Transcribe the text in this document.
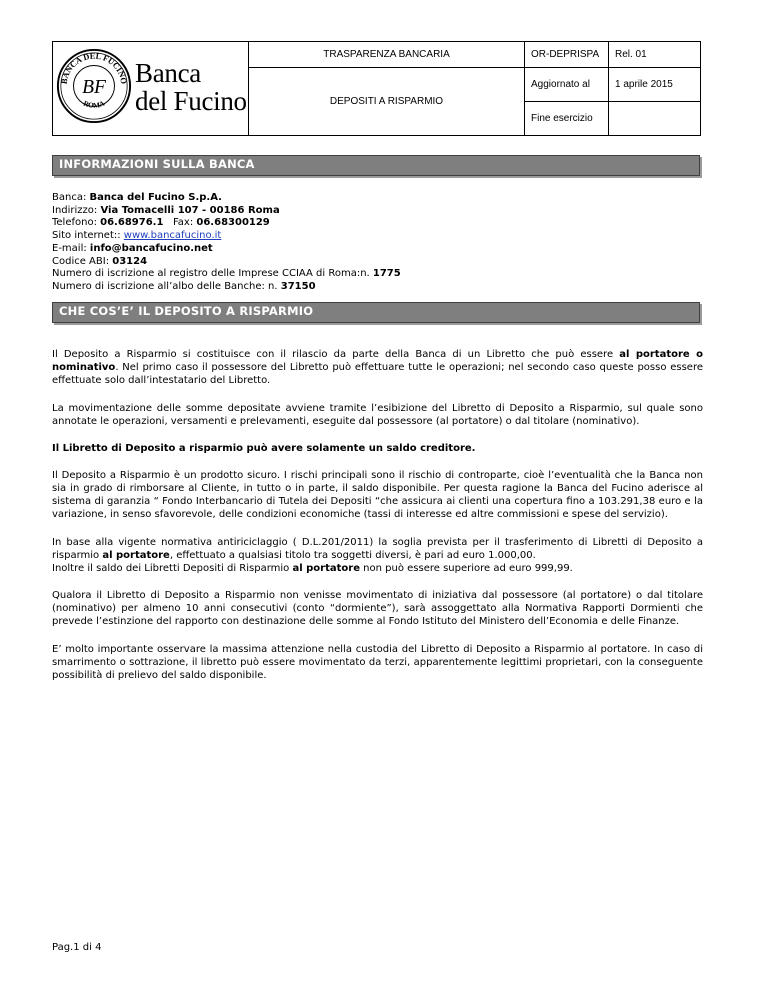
BANCA DEL FUCINO
ROMA
BF Banca
del Fucino	TRASPARENZA BANCARIA	OR-DEPRISPA	Rel. 01
	DEPOSITI A RISPARMIO	Aggiornato al	1 aprile 2015
		Fine esercizio	
INFORMAZIONI SULLA BANCA
Banca: Banca del Fucino S.p.A.
Indirizzo: Via Tomacelli 107 - 00186 Roma
Telefono: 06.68976.1 Fax: 06.68300129
Sito internet:: www.bancafucino.it
E-mail: info@bancafucino.net
Codice ABI: 03124
Numero di iscrizione al registro delle Imprese CCIAA di Roma:n. 1775
Numero di iscrizione all’albo delle Banche: n. 37150
CHE COS’E’ IL DEPOSITO A RISPARMIO

Il Deposito a Risparmio si costituisce con il rilascio da parte della Banca di un Libretto che può essere al portatore o nominativo. Nel primo caso il possessore del Libretto può effettuare tutte le operazioni; nel secondo caso queste posso essere effettuate solo dall’intestatario del Libretto.

La movimentazione delle somme depositate avviene tramite l’esibizione del Libretto di Deposito a Risparmio, sul quale sono annotate le operazioni, versamenti e prelevamenti, eseguite dal possessore (al portatore) o dal titolare (nominativo).

Il Libretto di Deposito a risparmio può avere solamente un saldo creditore.

Il Deposito a Risparmio è un prodotto sicuro. I rischi principali sono il rischio di controparte, cioè l’eventualità che la Banca non sia in grado di rimborsare al Cliente, in tutto o in parte, il saldo disponibile. Per questa ragione la Banca del Fucino aderisce al sistema di garanzia “ Fondo Interbancario di Tutela dei Depositi “che assicura ai clienti una copertura fino a 103.291,38 euro e la variazione, in senso sfavorevole, delle condizioni economiche (tassi di interesse ed altre commissioni e spese del servizio).

In base alla vigente normativa antiriciclaggio ( D.L.201/2011) la soglia prevista per il trasferimento di Libretti di Deposito a risparmio al portatore, effettuato a qualsiasi titolo tra soggetti diversi, è pari ad euro 1.000,00.
Inoltre il saldo dei Libretti Depositi di Risparmio al portatore non può essere superiore ad euro 999,99.

Qualora il Libretto di Deposito a Risparmio non venisse movimentato di iniziativa dal possessore (al portatore) o dal titolare (nominativo) per almeno 10 anni consecutivi (conto “dormiente”), sarà assoggettato alla Normativa Rapporti Dormienti che prevede l’estinzione del rapporto con destinazione delle somme al Fondo Istituto del Ministero dell’Economia e delle Finanze.

E’ molto importante osservare la massima attenzione nella custodia del Libretto di Deposito a Risparmio al portatore. In caso di smarrimento o sottrazione, il libretto può essere movimentato da terzi, apparentemente legittimi proprietari, con la conseguente possibilità di prelievo del saldo disponibile.

Pag.1 di 4
